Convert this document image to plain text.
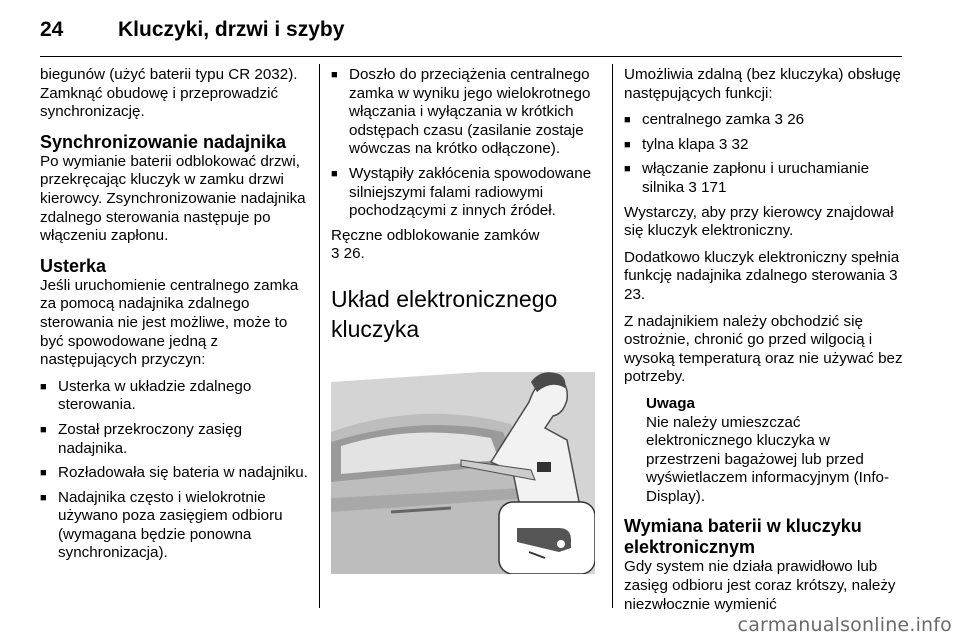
24	Kluczyki, drzwi i szyby

biegunów (użyć baterii typu CR 2032). Zamknąć obudowę i przeprowadzić synchronizację.

Synchronizowanie nadajnika

Po wymianie baterii odblokować drzwi, przekręcając kluczyk w zamku drzwi kierowcy. Zsynchronizowanie nadajnika zdalnego sterowania następuje po włączeniu zapłonu.

Usterka

Jeśli uruchomienie centralnego zamka za pomocą nadajnika zdalnego sterowania nie jest możliwe, może to być spowodowane jedną z następujących przyczyn:

■ Usterka w układzie zdalnego sterowania.
■ Został przekroczony zasięg nadajnika.
■ Rozładowała się bateria w nadajniku.
■ Nadajnika często i wielokrotnie używano poza zasięgiem odbioru (wymagana będzie ponowna synchronizacja).
■ Doszło do przeciążenia centralnego zamka w wyniku jego wielokrotnego włączania i wyłączania w krótkich odstępach czasu (zasilanie zostaje wówczas na krótko odłączone).
■ Wystąpiły zakłócenia spowodowane silniejszymi falami radiowymi pochodzącymi z innych źródeł.

Ręczne odblokowanie zamków
3 26.

Układ elektronicznego kluczyka

Umożliwia zdalną (bez kluczyka) obsługę następujących funkcji:

■ centralnego zamka 3 26
■ tylna klapa 3 32
■ włączanie zapłonu i uruchamianie silnika 3 171

Wystarczy, aby przy kierowcy znajdował się kluczyk elektroniczny.

Dodatkowo kluczyk elektroniczny spełnia funkcję nadajnika zdalnego sterowania 3 23.

Z nadajnikiem należy obchodzić się ostrożnie, chronić go przed wilgocią i wysoką temperaturą oraz nie używać bez potrzeby.

Uwaga
Nie należy umieszczać elektronicznego kluczyka w przestrzeni bagażowej lub przed wyświetlaczem informacyjnym (Info-Display).
Wymiana baterii w kluczyku elektronicznym

Gdy system nie działa prawidłowo lub zasięg odbioru jest coraz krótszy, należy niezwłocznie wymienić

carmanualsonline.info
